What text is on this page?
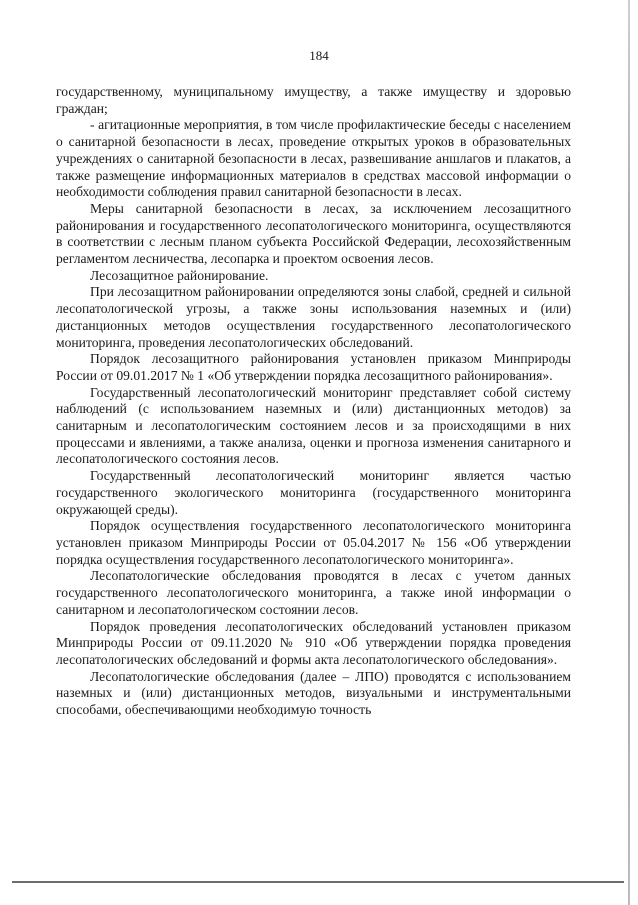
184

государственному, муниципальному имуществу, а также имуществу и здоровью граждан;

- агитационные мероприятия, в том числе профилактические беседы с населением о санитарной безопасности в лесах, проведение открытых уроков в образовательных учреждениях о санитарной безопасности в лесах, развешивание аншлагов и плакатов, а также размещение информационных материалов в средствах массовой информации о необходимости соблюдения правил санитарной безопасности в лесах.

Меры санитарной безопасности в лесах, за исключением лесозащитного районирования и государственного лесопатологического мониторинга, осуществляются в соответствии с лесным планом субъекта Российской Федерации, лесохозяйственным регламентом лесничества, лесопарка и проектом освоения лесов.

Лесозащитное районирование.

При лесозащитном районировании определяются зоны слабой, средней и сильной лесопатологической угрозы, а также зоны использования наземных и (или) дистанционных методов осуществления государственного лесопатологического мониторинга, проведения лесопатологических обследований.

Порядок лесозащитного районирования установлен приказом Минприроды России от 09.01.2017 № 1 «Об утверждении порядка лесозащитного районирования».

Государственный лесопатологический мониторинг представляет собой систему наблюдений (с использованием наземных и (или) дистанционных методов) за санитарным и лесопатологическим состоянием лесов и за происходящими в них процессами и явлениями, а также анализа, оценки и прогноза изменения санитарного и лесопатологического состояния лесов.

Государственный лесопатологический мониторинг является частью государственного экологического мониторинга (государственного мониторинга окружающей среды).

Порядок осуществления государственного лесопатологического мониторинга установлен приказом Минприроды России от 05.04.2017 № 156 «Об утверждении порядка осуществления государственного лесопатологического мониторинга».

Лесопатологические обследования проводятся в лесах с учетом данных государственного лесопатологического мониторинга, а также иной информации о санитарном и лесопатологическом состоянии лесов.

Порядок проведения лесопатологических обследований установлен приказом Минприроды России от 09.11.2020 № 910 «Об утверждении порядка проведения лесопатологических обследований и формы акта лесопатологического обследования».

Лесопатологические обследования (далее – ЛПО) проводятся с использованием наземных и (или) дистанционных методов, визуальными и инструментальными способами, обеспечивающими необходимую точность
